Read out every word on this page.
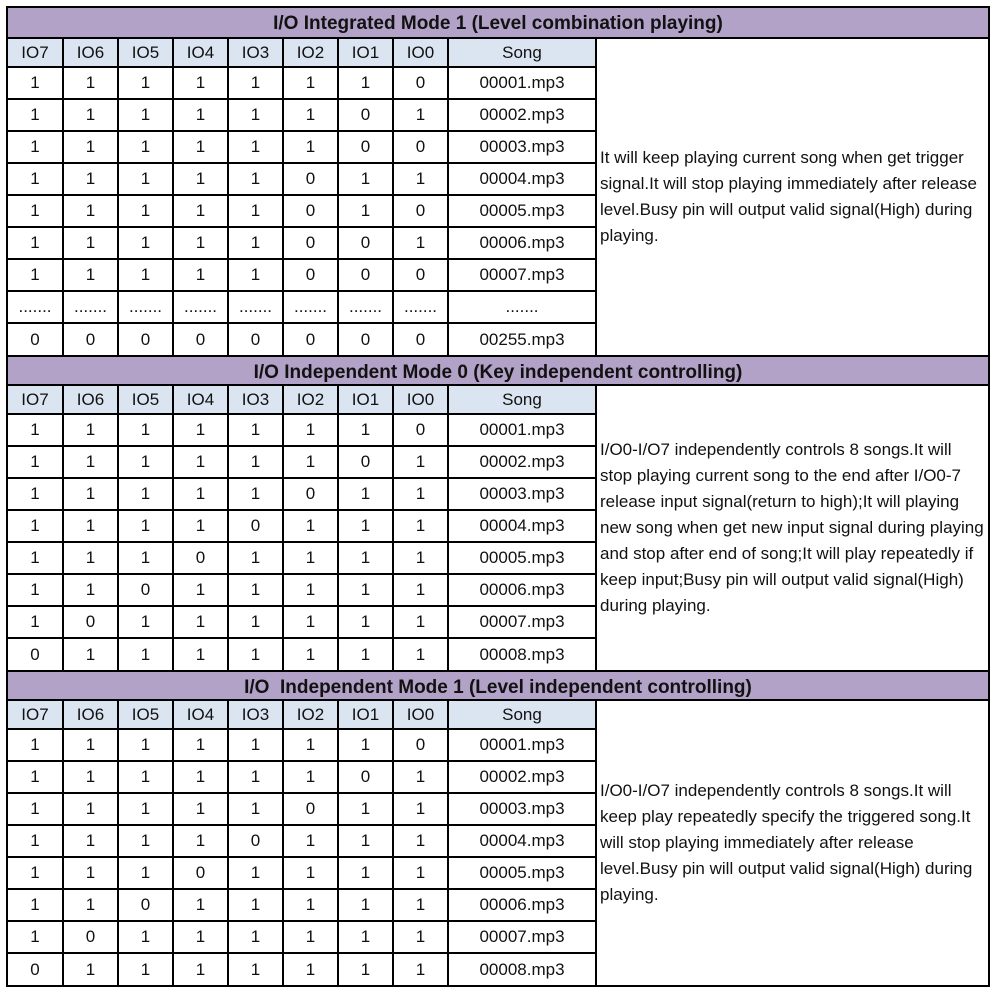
I/O Integrated Mode 1 (Level combination playing)
IO7	IO6	IO5	IO4	IO3	IO2	IO1	IO0	Song
1	1	1	1	1	1	1	0	00001.mp3
1	1	1	1	1	1	0	1	00002.mp3
1	1	1	1	1	1	0	0	00003.mp3
1	1	1	1	1	0	1	1	00004.mp3
1	1	1	1	1	0	1	0	00005.mp3
1	1	1	1	1	0	0	1	00006.mp3
1	1	1	1	1	0	0	0	00007.mp3
.......	.......	.......	.......	.......	.......	.......	.......	.......
0	0	0	0	0	0	0	0	00255.mp3
It will keep playing current song when get trigger signal.It will stop playing immediately after release level.Busy pin will output valid signal(High) during playing.
I/O Independent Mode 0 (Key independent controlling)
IO7	IO6	IO5	IO4	IO3	IO2	IO1	IO0	Song
1	1	1	1	1	1	1	0	00001.mp3
1	1	1	1	1	1	0	1	00002.mp3
1	1	1	1	1	0	1	1	00003.mp3
1	1	1	1	0	1	1	1	00004.mp3
1	1	1	0	1	1	1	1	00005.mp3
1	1	0	1	1	1	1	1	00006.mp3
1	0	1	1	1	1	1	1	00007.mp3
0	1	1	1	1	1	1	1	00008.mp3
I/O0-I/O7 independently controls 8 songs.It will stop playing current song to the end after I/O0-7 release input signal(return to high);It will playing new song when get new input signal during playing and stop after end of song;It will play repeatedly if keep input;Busy pin will output valid signal(High) during playing.
I/O  Independent Mode 1 (Level independent controlling)
IO7	IO6	IO5	IO4	IO3	IO2	IO1	IO0	Song
1	1	1	1	1	1	1	0	00001.mp3
1	1	1	1	1	1	0	1	00002.mp3
1	1	1	1	1	0	1	1	00003.mp3
1	1	1	1	0	1	1	1	00004.mp3
1	1	1	0	1	1	1	1	00005.mp3
1	1	0	1	1	1	1	1	00006.mp3
1	0	1	1	1	1	1	1	00007.mp3
0	1	1	1	1	1	1	1	00008.mp3
I/O0-I/O7 independently controls 8 songs.It will keep play repeatedly specify the triggered song.It will stop playing immediately after release level.Busy pin will output valid signal(High) during playing.
